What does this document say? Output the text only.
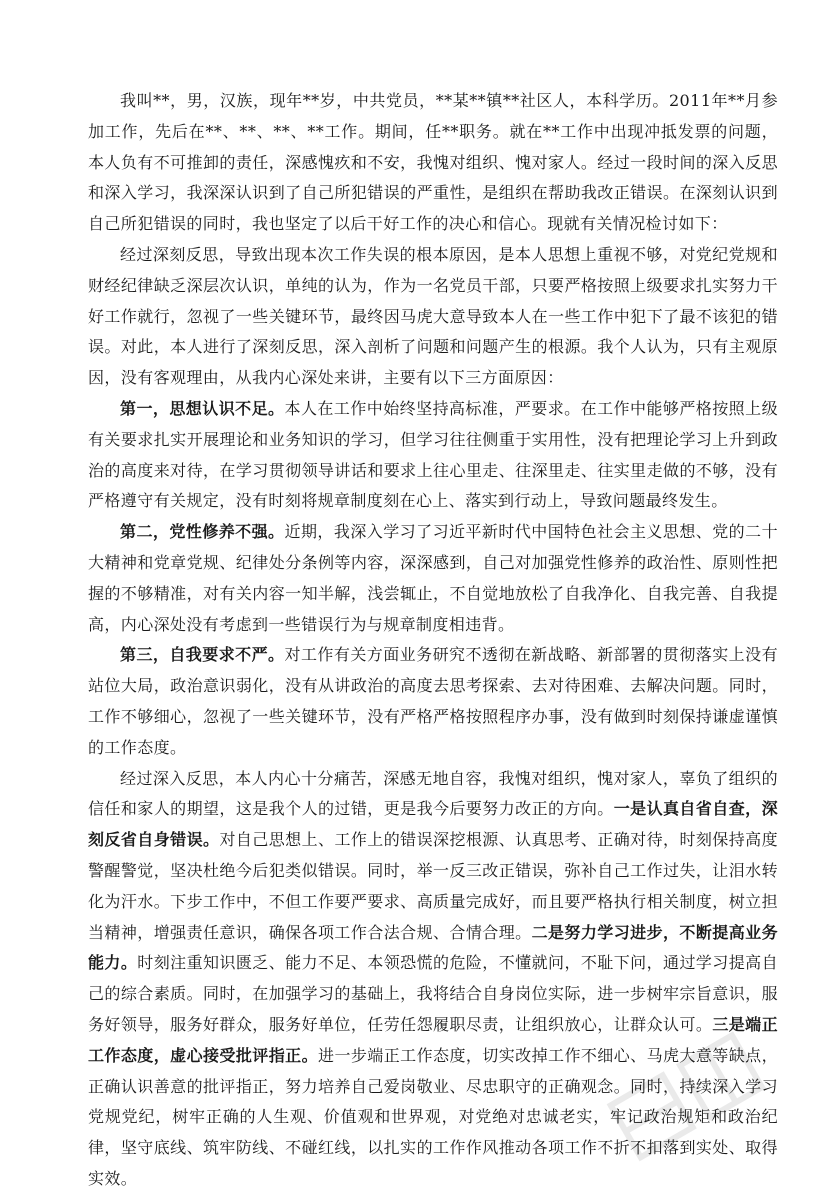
我叫**，男，汉族，现年**岁，中共党员，**某**镇**社区人，本科学历。2011年**月参加工作，先后在**、**、**、**工作。期间，任**职务。就在**工作中出现冲抵发票的问题，本人负有不可推卸的责任，深感愧疚和不安，我愧对组织、愧对家人。经过一段时间的深入反思和深入学习，我深深认识到了自己所犯错误的严重性，是组织在帮助我改正错误。在深刻认识到自己所犯错误的同时，我也坚定了以后干好工作的决心和信心。现就有关情况检讨如下：

经过深刻反思，导致出现本次工作失误的根本原因，是本人思想上重视不够，对党纪党规和财经纪律缺乏深层次认识，单纯的认为，作为一名党员干部，只要严格按照上级要求扎实努力干好工作就行，忽视了一些关键环节，最终因马虎大意导致本人在一些工作中犯下了最不该犯的错误。对此，本人进行了深刻反思，深入剖析了问题和问题产生的根源。我个人认为，只有主观原因，没有客观理由，从我内心深处来讲，主要有以下三方面原因：

第一，思想认识不足。本人在工作中始终坚持高标准，严要求。在工作中能够严格按照上级有关要求扎实开展理论和业务知识的学习，但学习往往侧重于实用性，没有把理论学习上升到政治的高度来对待，在学习贯彻领导讲话和要求上往心里走、往深里走、往实里走做的不够，没有严格遵守有关规定，没有时刻将规章制度刻在心上、落实到行动上，导致问题最终发生。

第二，党性修养不强。近期，我深入学习了习近平新时代中国特色社会主义思想、党的二十大精神和党章党规、纪律处分条例等内容，深深感到，自己对加强党性修养的政治性、原则性把握的不够精准，对有关内容一知半解，浅尝辄止，不自觉地放松了自我净化、自我完善、自我提高，内心深处没有考虑到一些错误行为与规章制度相违背。

第三，自我要求不严。对工作有关方面业务研究不透彻在新战略、新部署的贯彻落实上没有站位大局，政治意识弱化，没有从讲政治的高度去思考探索、去对待困难、去解决问题。同时，工作不够细心，忽视了一些关键环节，没有严格严格按照程序办事，没有做到时刻保持谦虚谨慎的工作态度。

经过深入反思，本人内心十分痛苦，深感无地自容，我愧对组织，愧对家人，辜负了组织的信任和家人的期望，这是我个人的过错，更是我今后要努力改正的方向。一是认真自省自查，深刻反省自身错误。对自己思想上、工作上的错误深挖根源、认真思考、正确对待，时刻保持高度警醒警觉，坚决杜绝今后犯类似错误。同时，举一反三改正错误，弥补自己工作过失，让泪水转化为汗水。下步工作中，不但工作要严要求、高质量完成好，而且要严格执行相关制度，树立担当精神，增强责任意识，确保各项工作合法合规、合情合理。二是努力学习进步，不断提高业务能力。时刻注重知识匮乏、能力不足、本领恐慌的危险，不懂就问，不耻下问，通过学习提高自己的综合素质。同时，在加强学习的基础上，我将结合自身岗位实际，进一步树牢宗旨意识，服务好领导，服务好群众，服务好单位，任劳任怨履职尽责，让组织放心，让群众认可。三是端正工作态度，虚心接受批评指正。进一步端正工作态度，切实改掉工作不细心、马虎大意等缺点，正确认识善意的批评指正，努力培养自己爱岗敬业、尽忠职守的正确观念。同时，持续深入学习党规党纪，树牢正确的人生观、价值观和世界观，对党绝对忠诚老实，牢记政治规矩和政治纪律，坚守底线、筑牢防线、不碰红线，以扎实的工作作风推动各项工作不折不扣落到实处、取得实效。
